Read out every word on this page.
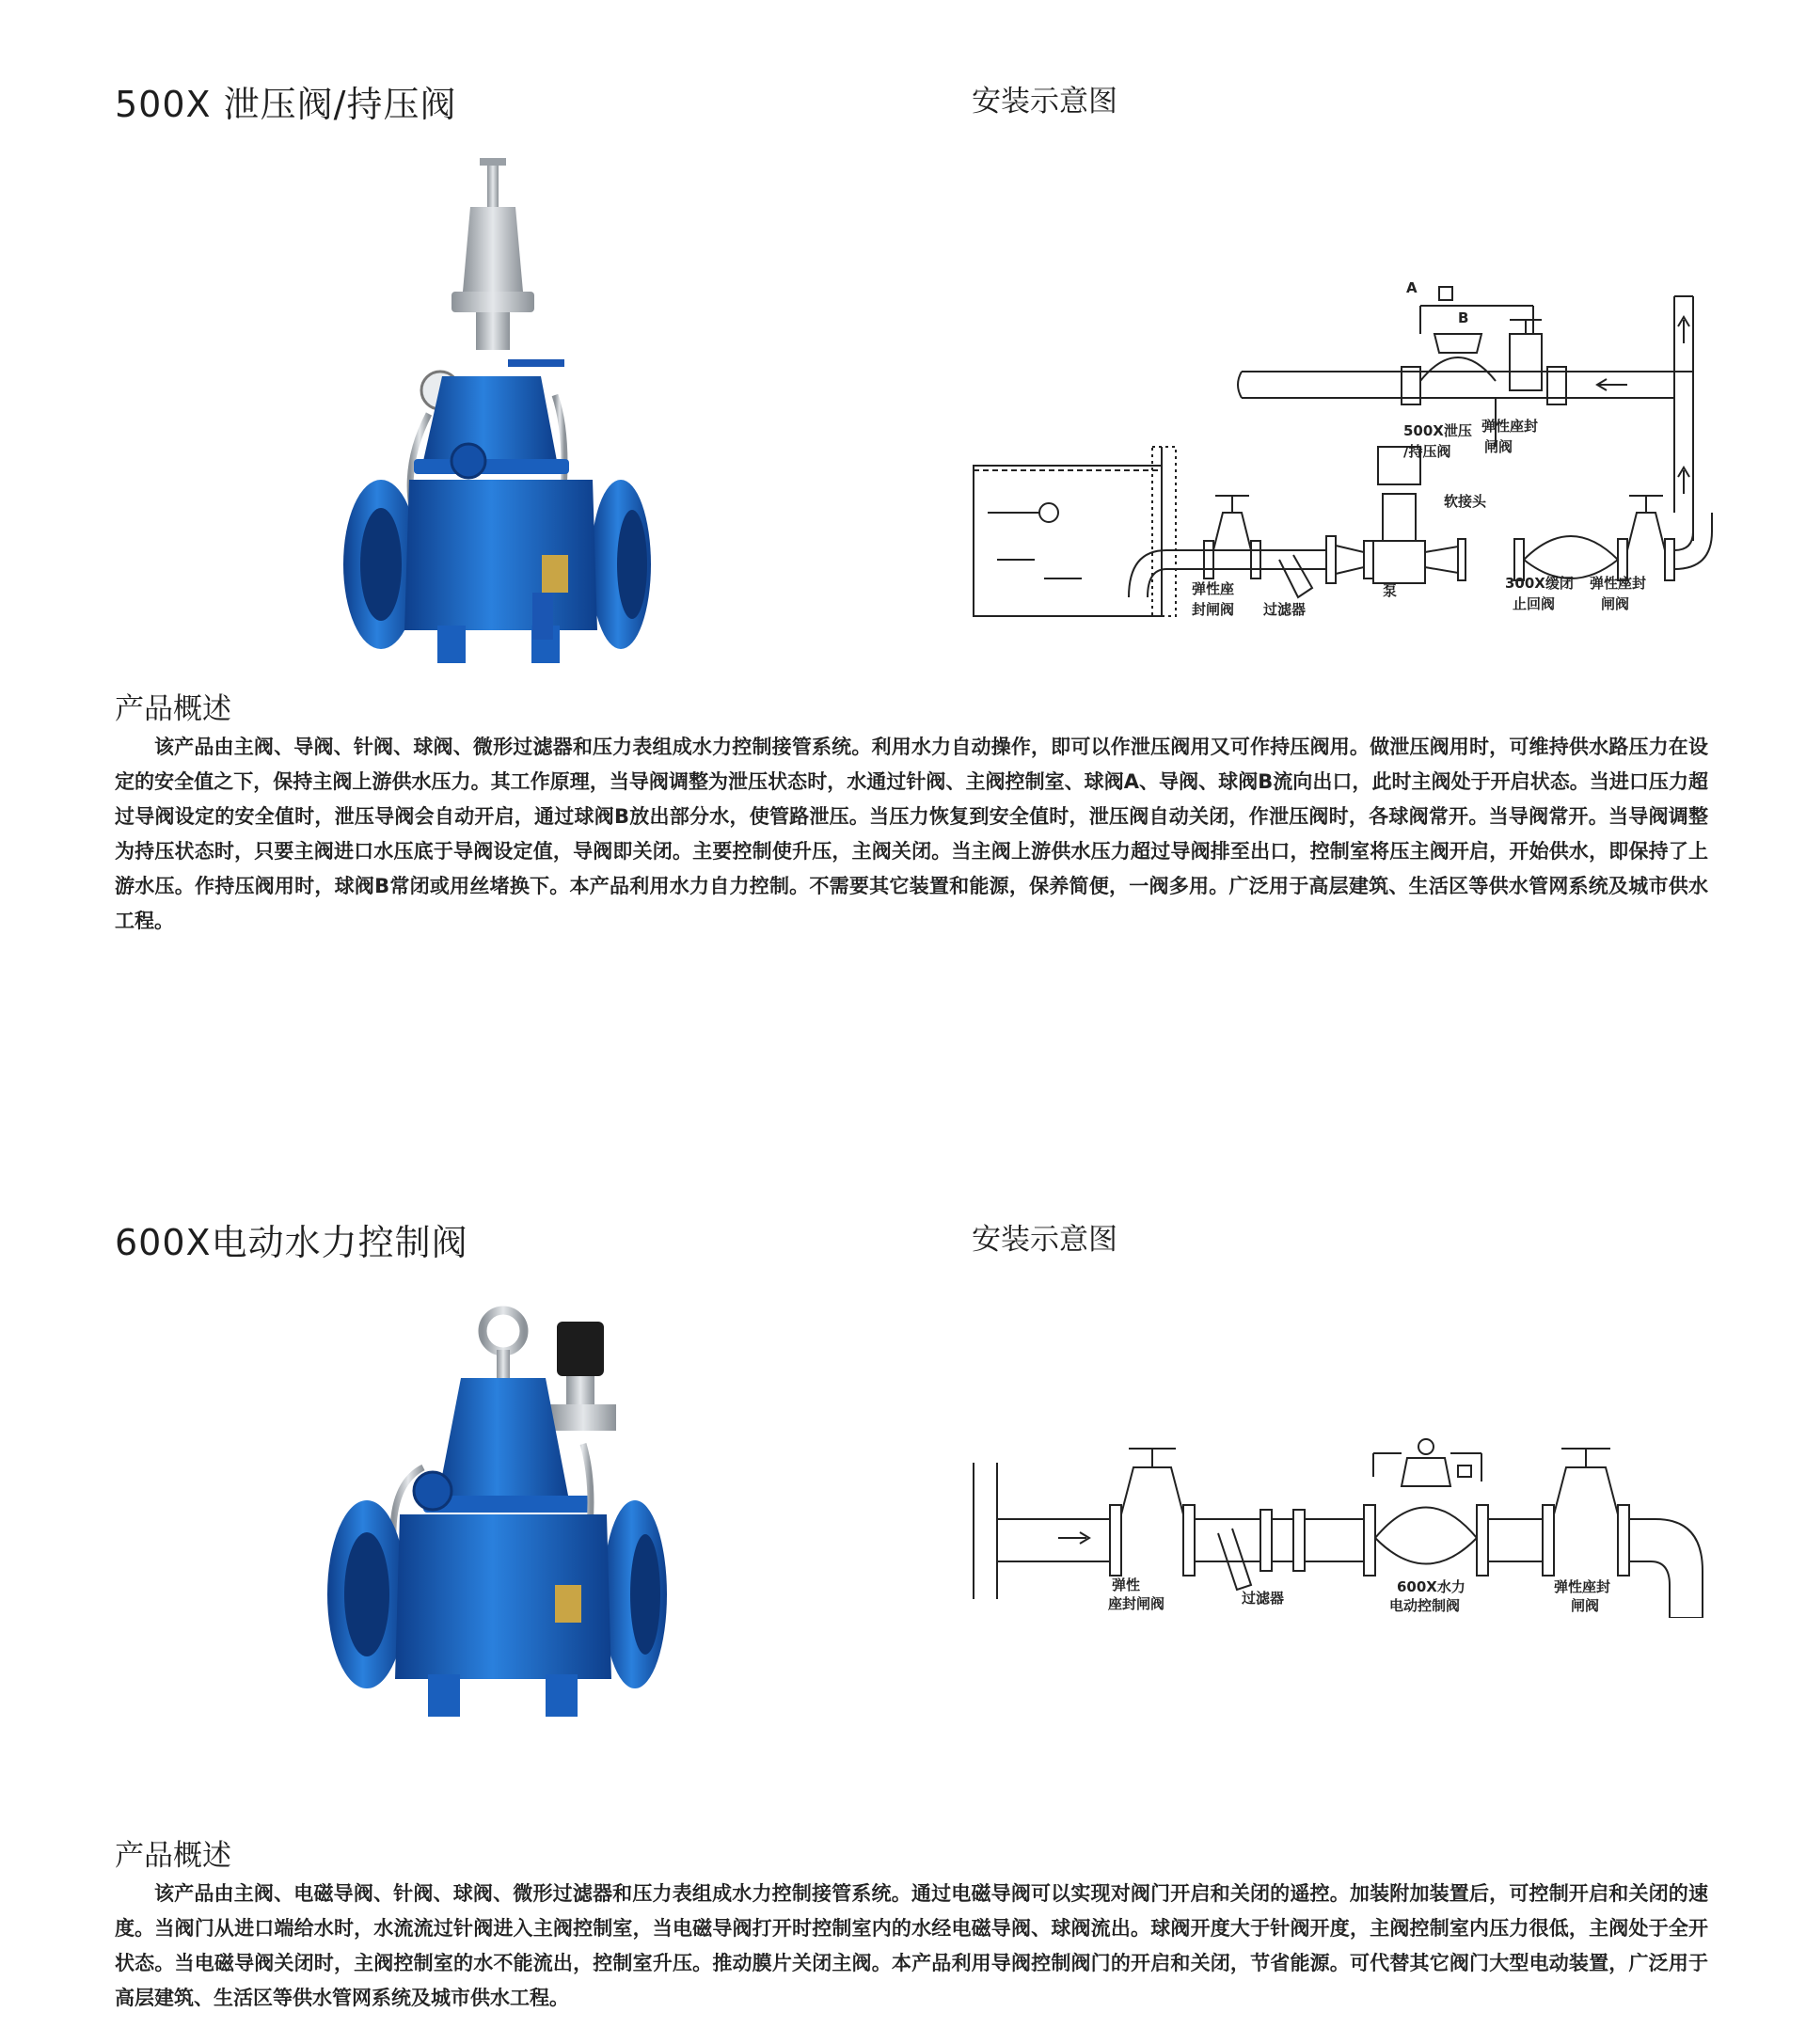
500X 泄压阀/持压阀	安装示意图
A
B
500X泄压
/持压阀
弹性座封
闸阀
软接头
300X缓闭
止回阀
弹性座封
闸阀
弹性座
封闸阀 过滤器
泵
产品概述
该产品由主阀、导阀、针阀、球阀、微形过滤器和压力表组成水力控制接管系统。利用水力自动操作，即可以作泄压阀用又可作持压阀用。做泄压阀用时，可维持供水路压力在设定的安全值之下，保持主阀上游供水压力。其工作原理，当导阀调整为泄压状态时，水通过针阀、主阀控制室、球阀A、导阀、球阀B流向出口，此时主阀处于开启状态。当进口压力超过导阀设定的安全值时，泄压导阀会自动开启，通过球阀B放出部分水，使管路泄压。当压力恢复到安全值时，泄压阀自动关闭，作泄压阀时，各球阀常开。当导阀常开。当导阀调整为持压状态时，只要主阀进口水压底于导阀设定值，导阀即关闭。主要控制使升压，主阀关闭。当主阀上游供水压力超过导阀排至出口，控制室将压主阀开启，开始供水，即保持了上游水压。作持压阀用时，球阀B常闭或用丝堵换下。本产品利用水力自力控制。不需要其它装置和能源，保养简便，一阀多用。广泛用于高层建筑、生活区等供水管网系统及城市供水工程。
600X电动水力控制阀	安装示意图
弹性
座封闸阀	过滤器
600X水力
电动控制阀
弹性座封
闸阀
产品概述
该产品由主阀、电磁导阀、针阀、球阀、微形过滤器和压力表组成水力控制接管系统。通过电磁导阀可以实现对阀门开启和关闭的遥控。加装附加装置后，可控制开启和关闭的速度。当阀门从进口端给水时，水流流过针阀进入主阀控制室，当电磁导阀打开时控制室内的水经电磁导阀、球阀流出。球阀开度大于针阀开度，主阀控制室内压力很低，主阀处于全开状态。当电磁导阀关闭时，主阀控制室的水不能流出，控制室升压。推动膜片关闭主阀。本产品利用导阀控制阀门的开启和关闭，节省能源。可代替其它阀门大型电动装置，广泛用于高层建筑、生活区等供水管网系统及城市供水工程。
